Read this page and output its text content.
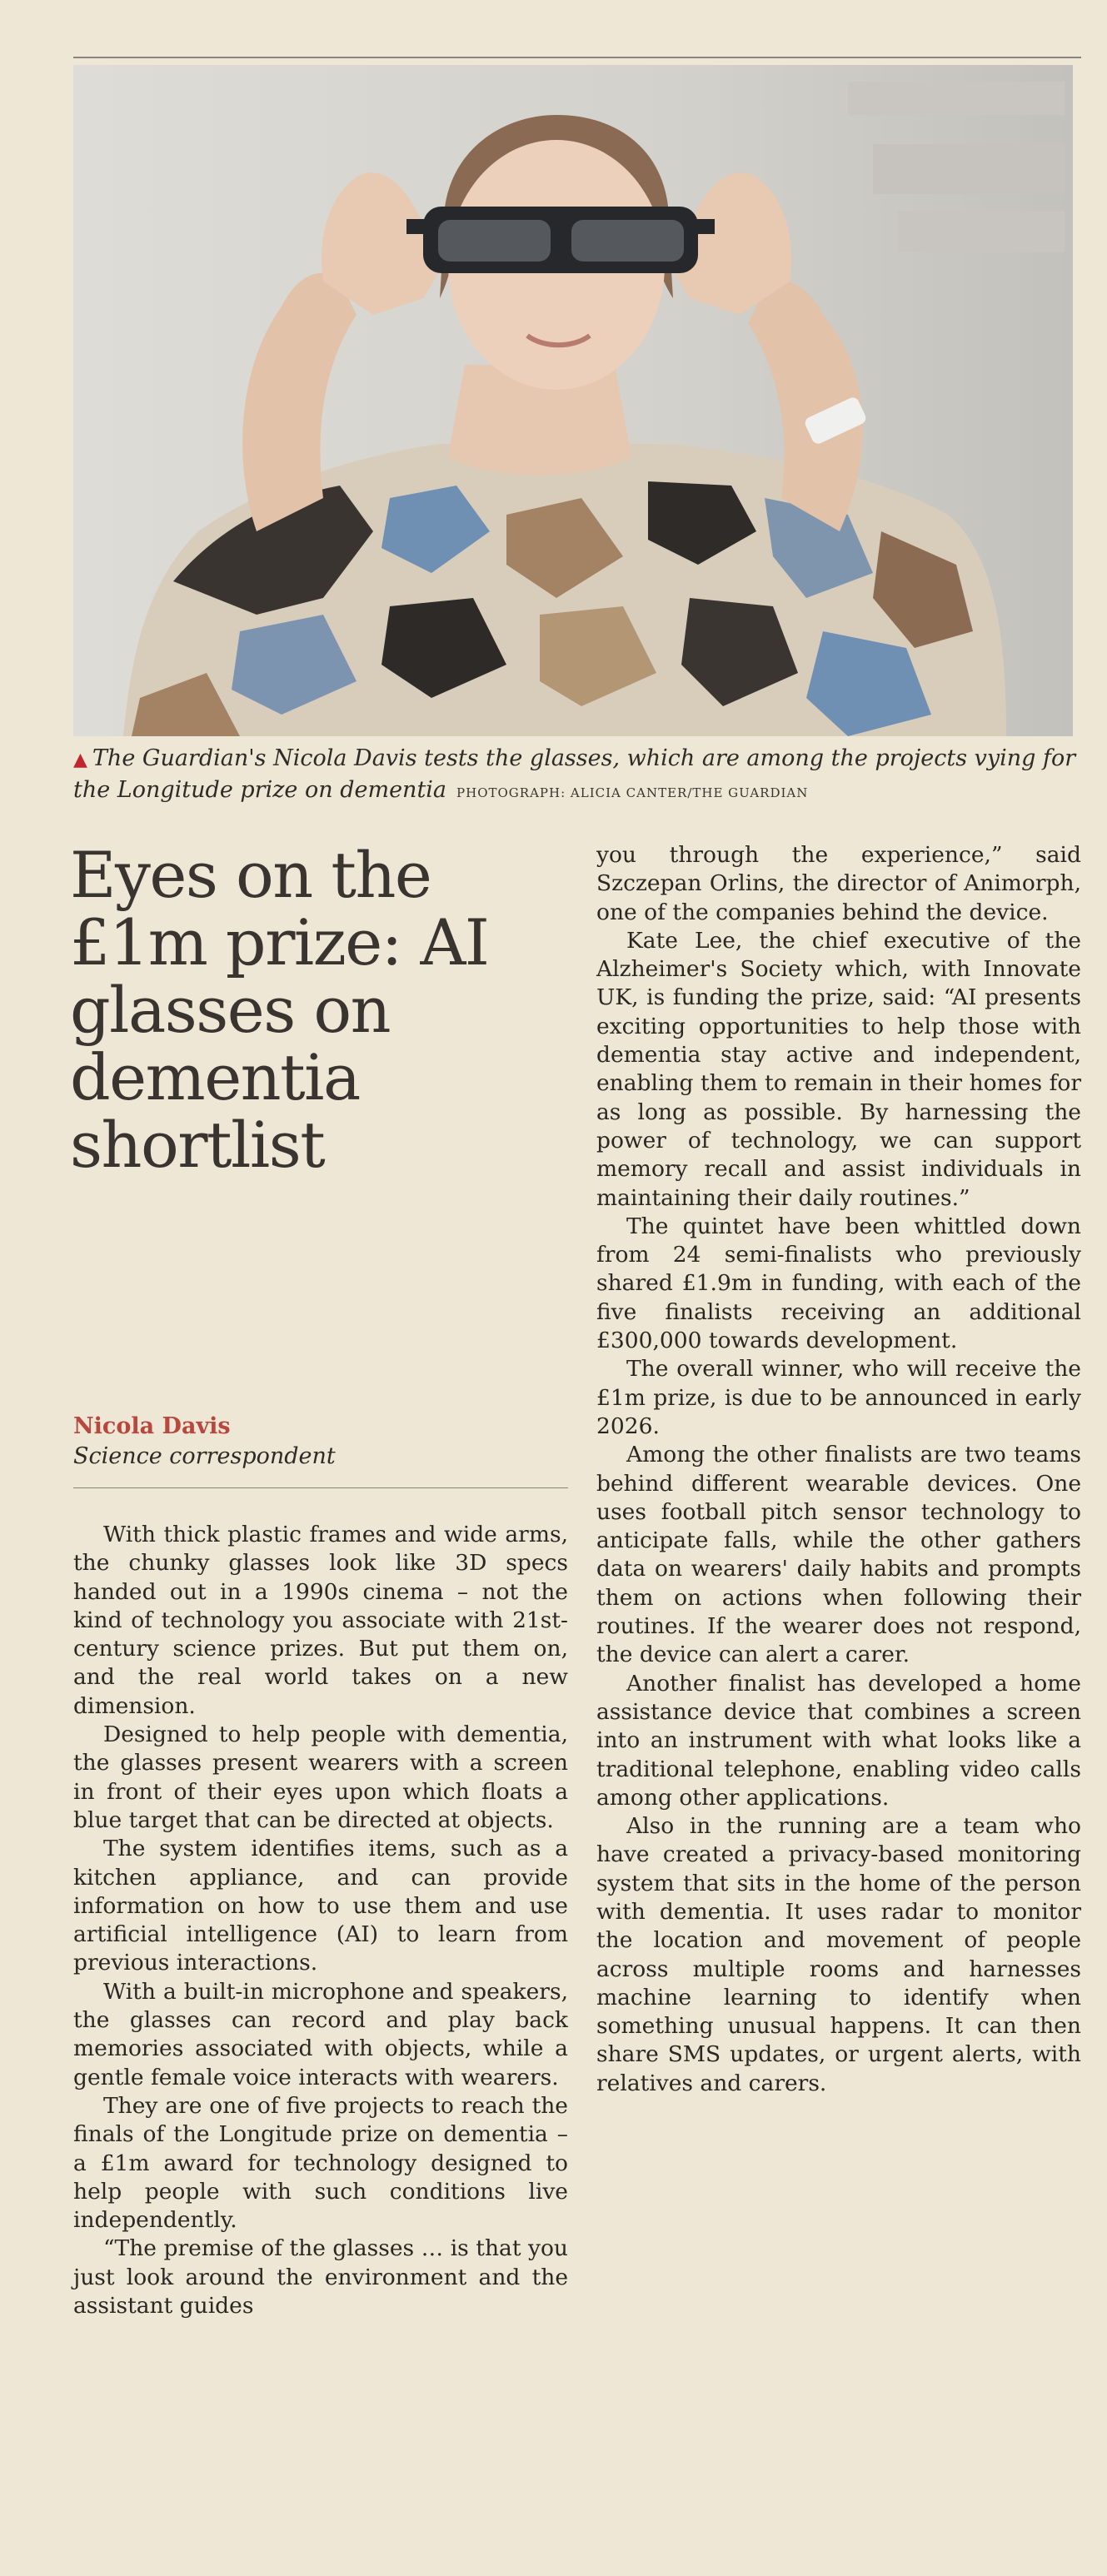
▲ The Guardian's Nicola Davis tests the glasses, which are among the projects vying for the Longitude prize on dementia PHOTOGRAPH: ALICIA CANTER/THE GUARDIAN
Eyes on the £1m prize: AI glasses on dementia shortlist
Nicola Davis
Science correspondent

With thick plastic frames and wide arms, the chunky glasses look like 3D specs handed out in a 1990s cinema – not the kind of technology you associate with 21st-century science prizes. But put them on, and the real world takes on a new dimension.

Designed to help people with dementia, the glasses present wearers with a screen in front of their eyes upon which floats a blue target that can be directed at objects.

The system identifies items, such as a kitchen appliance, and can provide information on how to use them and use artificial intelligence (AI) to learn from previous interactions.

With a built-in microphone and speakers, the glasses can record and play back memories associated with objects, while a gentle female voice interacts with wearers.

They are one of five projects to reach the finals of the Longitude prize on dementia – a £1m award for technology designed to help people with such conditions live independently.

“The premise of the glasses … is that you just look around the environment and the assistant guides

you through the experience,” said Szczepan Orlins, the director of Animorph, one of the companies behind the device.

Kate Lee, the chief executive of the Alzheimer's Society which, with Innovate UK, is funding the prize, said: “AI presents exciting opportunities to help those with dementia stay active and independent, enabling them to remain in their homes for as long as possible. By harnessing the power of technology, we can support memory recall and assist individuals in maintaining their daily routines.”

The quintet have been whittled down from 24 semi-finalists who previously shared £1.9m in funding, with each of the five finalists receiving an additional £300,000 towards development.

The overall winner, who will receive the £1m prize, is due to be announced in early 2026.

Among the other finalists are two teams behind different wearable devices. One uses football pitch sensor technology to anticipate falls, while the other gathers data on wearers' daily habits and prompts them on actions when following their routines. If the wearer does not respond, the device can alert a carer.

Another finalist has developed a home assistance device that combines a screen into an instrument with what looks like a traditional telephone, enabling video calls among other applications.

Also in the running are a team who have created a privacy-based monitoring system that sits in the home of the person with dementia. It uses radar to monitor the location and movement of people across multiple rooms and harnesses machine learning to identify when something unusual happens. It can then share SMS updates, or urgent alerts, with relatives and carers.
